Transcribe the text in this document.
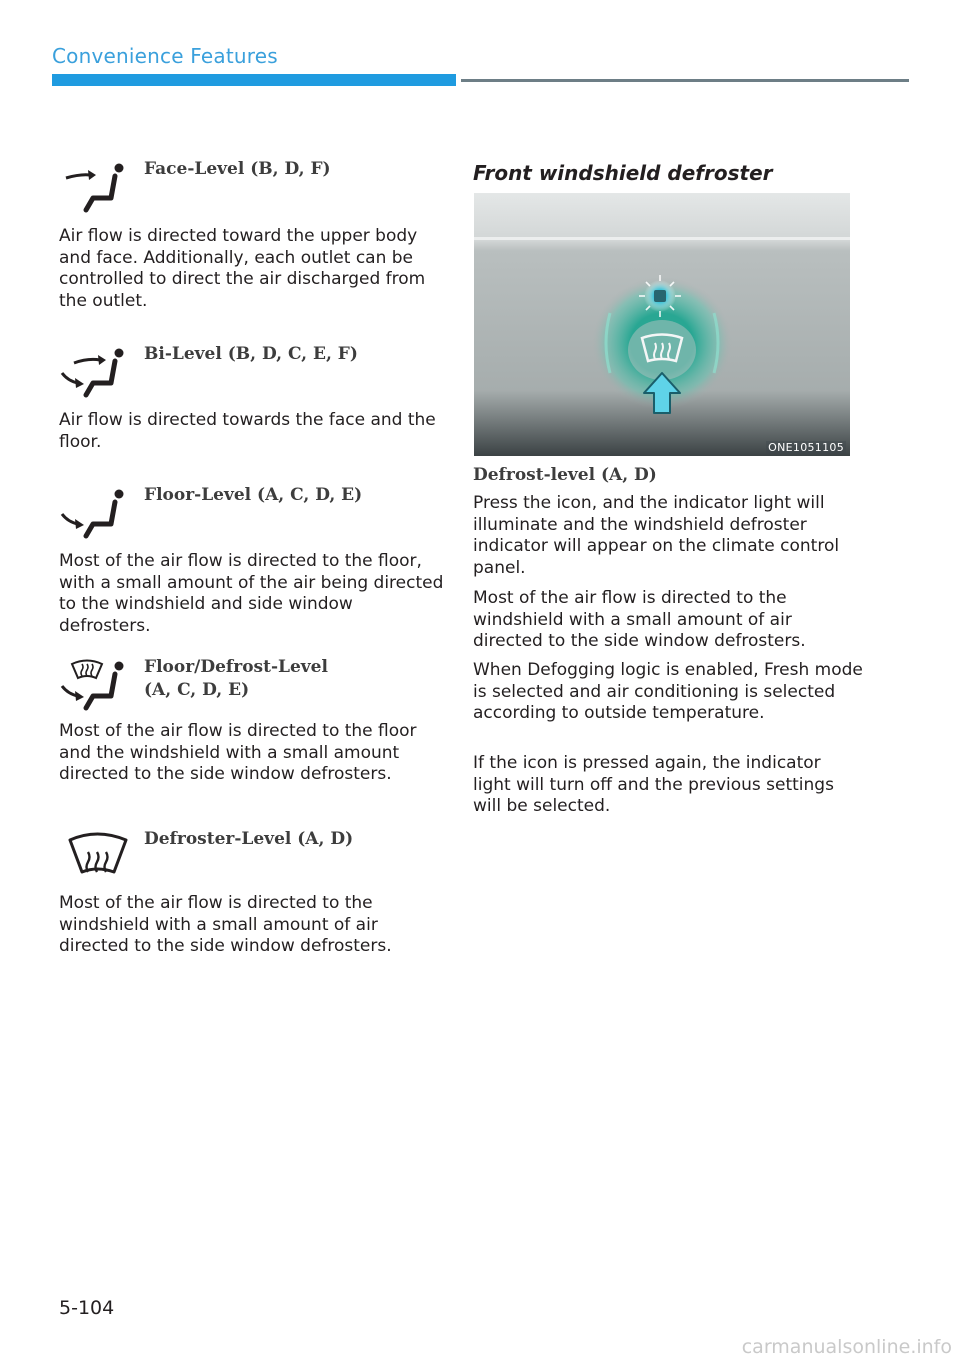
Convenience Features
Face-Level (B, D, F)

Air flow is directed toward the upper body and face. Additionally, each outlet can be controlled to direct the air discharged from the outlet.

Bi-Level (B, D, C, E, F)

Air flow is directed towards the face and the floor.

Floor-Level (A, C, D, E)

Most of the air flow is directed to the floor, with a small amount of the air being directed to the windshield and side window defrosters.

Floor/Defrost-Level
(A, C, D, E)

Most of the air flow is directed to the floor and the windshield with a small amount directed to the side window defrosters.

Defroster-Level (A, D)

Most of the air flow is directed to the windshield with a small amount of air directed to the side window defrosters.

Front windshield defroster
ONE1051105
Defrost-level (A, D)

Press the icon, and the indicator light will illuminate and the windshield defroster indicator will appear on the climate control panel.

Most of the air flow is directed to the windshield with a small amount of air directed to the side window defrosters.

When Defogging logic is enabled, Fresh mode is selected and air conditioning is selected according to outside temperature.

If the icon is pressed again, the indicator light will turn off and the previous settings will be selected.

5-104
carmanualsonline.info
